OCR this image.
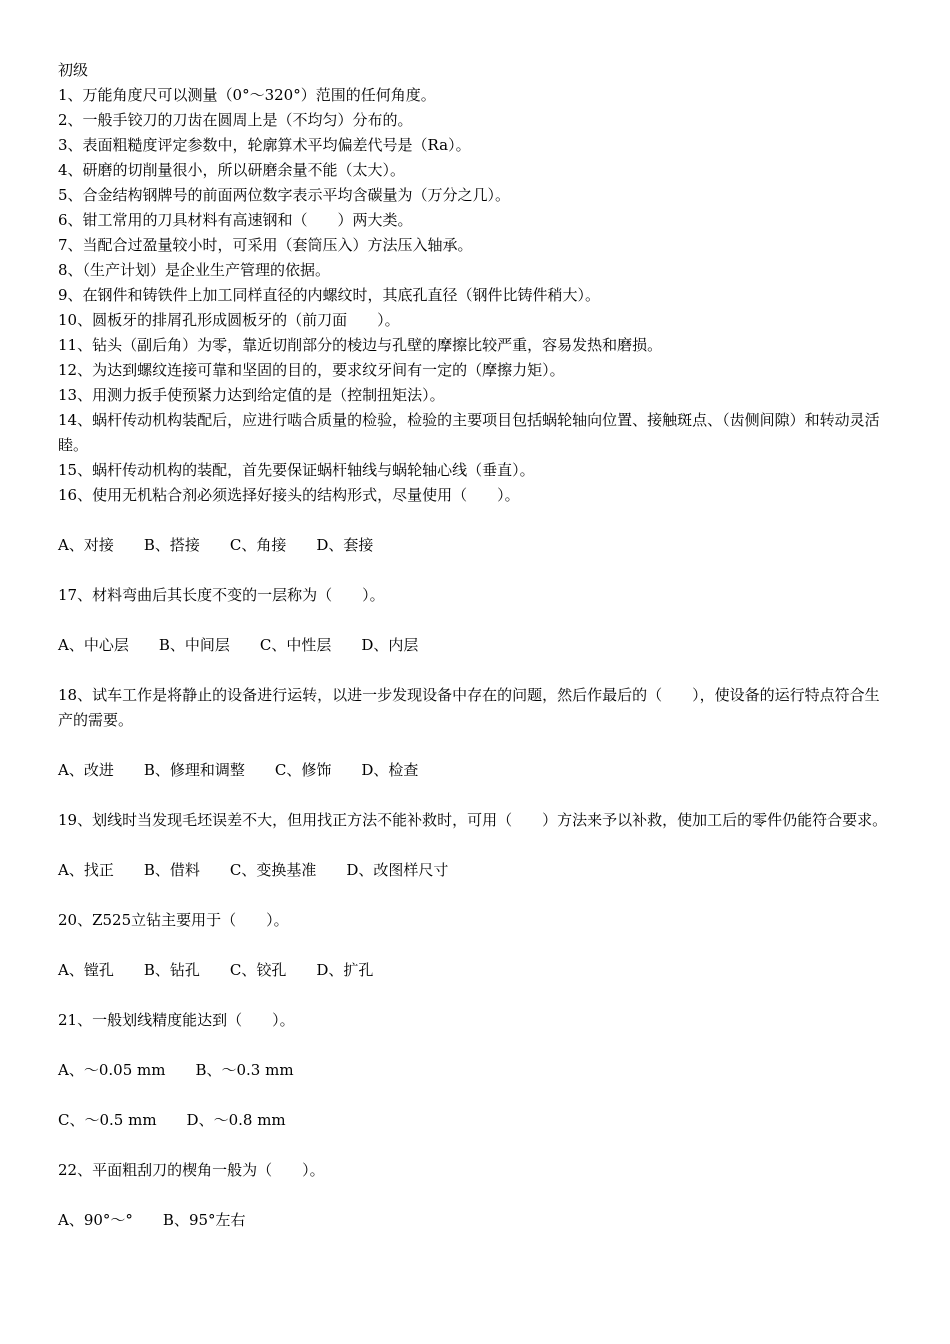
初级
1、万能角度尺可以测量（0°～320°）范围的任何角度。
2、一般手铰刀的刀齿在圆周上是（不均匀）分布的。
3、表面粗糙度评定参数中，轮廓算术平均偏差代号是（Ra）。
4、研磨的切削量很小，所以研磨余量不能（太大）。
5、合金结构钢牌号的前面两位数字表示平均含碳量为（万分之几）。
6、钳工常用的刀具材料有高速钢和（　　）两大类。
7、当配合过盈量较小时，可采用（套筒压入）方法压入轴承。
8、（生产计划）是企业生产管理的依据。
9、在钢件和铸铁件上加工同样直径的内螺纹时，其底孔直径（钢件比铸件稍大）。
10、圆板牙的排屑孔形成圆板牙的（前刀面　　）。
11、钻头（副后角）为零，靠近切削部分的棱边与孔壁的摩擦比较严重，容易发热和磨损。
12、为达到螺纹连接可靠和坚固的目的，要求纹牙间有一定的（摩擦力矩）。
13、用测力扳手使预紧力达到给定值的是（控制扭矩法）。
14、蜗杆传动机构装配后，应进行啮合质量的检验，检验的主要项目包括蜗轮轴向位置、接触斑点、（齿侧间隙）和转动灵活睦。
15、蜗杆传动机构的装配，首先要保证蜗杆轴线与蜗轮轴心线（垂直）。
16、使用无机粘合剂必须选择好接头的结构形式，尽量使用（　　）。
A、对接　　B、搭接　　C、角接　　D、套接
17、材料弯曲后其长度不变的一层称为（　　）。
A、中心层　　B、中间层　　C、中性层　　D、内层
18、试车工作是将静止的设备进行运转，以进一步发现设备中存在的问题，然后作最后的（　　），使设备的运行特点符合生产的需要。
A、改进　　B、修理和调整　　C、修饰　　D、检查
19、划线时当发现毛坯误差不大，但用找正方法不能补救时，可用（　　）方法来予以补救，使加工后的零件仍能符合要求。
A、找正　　B、借料　　C、变换基准　　D、改图样尺寸
20、Z525立钻主要用于（　　）。
A、镗孔　　B、钻孔　　C、铰孔　　D、扩孔
21、一般划线精度能达到（　　）。
A、～0.05 mm　　B、～0.3 mm
C、～0.5 mm　　D、～0.8 mm
22、平面粗刮刀的楔角一般为（　　）。
A、90°～°　　B、95°左右
